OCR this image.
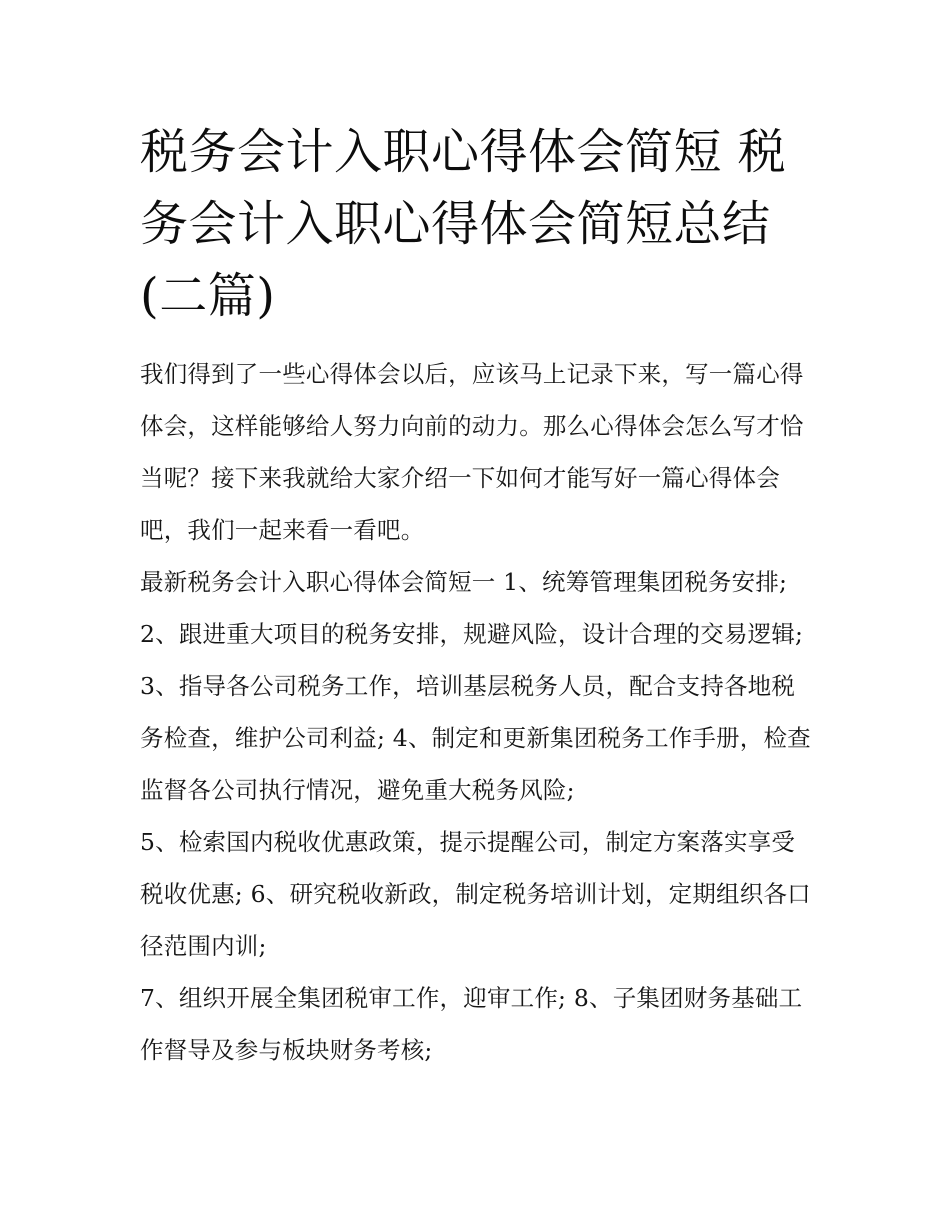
税务会计入职心得体会简短 税务会计入职心得体会简短总结(二篇)

我们得到了一些心得体会以后，应该马上记录下来，写一篇心得体会，这样能够给人努力向前的动力。那么心得体会怎么写才恰当呢？接下来我就给大家介绍一下如何才能写好一篇心得体会吧，我们一起来看一看吧。

最新税务会计入职心得体会简短一 1、统筹管理集团税务安排;

2、跟进重大项目的税务安排，规避风险，设计合理的交易逻辑;

3、指导各公司税务工作，培训基层税务人员，配合支持各地税务检查，维护公司利益; 4、制定和更新集团税务工作手册，检查监督各公司执行情况，避免重大税务风险;

5、检索国内税收优惠政策，提示提醒公司，制定方案落实享受税收优惠; 6、研究税收新政，制定税务培训计划，定期组织各口径范围内训;

7、组织开展全集团税审工作，迎审工作; 8、子集团财务基础工作督导及参与板块财务考核;
